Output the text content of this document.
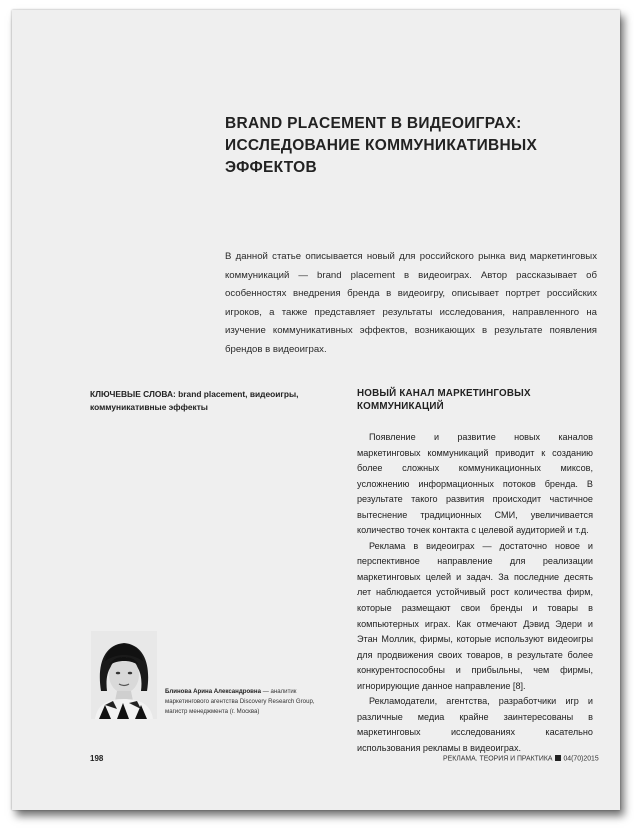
BRAND PLACEMENT В ВИДЕОИГРАХ:
ИССЛЕДОВАНИЕ КОММУНИКАТИВНЫХ
ЭФФЕКТОВ

В данной статье описывается новый для российского рынка вид маркетинговых коммуникаций — brand placement в видеоиграх. Автор рассказывает об особенностях внедрения бренда в видеоигру, описывает портрет российских игроков, а также представляет результаты исследования, направленного на изучение коммуникативных эффектов, возникающих в результате появления брендов в видеоиграх.

КЛЮЧЕВЫЕ СЛОВА: brand placement, видеоигры, коммуникативные эффекты
НОВЫЙ КАНАЛ МАРКЕТИНГОВЫХ
КОММУНИКАЦИЙ

Появление и развитие новых каналов маркетинговых коммуникаций приводит к созданию более сложных коммуникационных миксов, усложнению информационных потоков бренда. В результате такого развития происходит частичное вытеснение традиционных СМИ, увеличивается количество точек контакта с целевой аудиторией и т.д.

Реклама в видеоиграх — достаточно новое и перспективное направление для реализации маркетинговых целей и задач. За последние десять лет наблюдается устойчивый рост количества фирм, которые размещают свои бренды и товары в компьютерных играх. Как отмечают Дэвид Эдери и Этан Моллик, фирмы, которые используют видеоигры для продвижения своих товаров, в результате более конкурентоспособны и прибыльны, чем фирмы, игнорирующие данное направление [8].

Рекламодатели, агентства, разработчики игр и различные медиа крайне заинтересованы в маркетинговых исследованиях касательно использования рекламы в видеоиграх.

Блинова Арина Александровна — аналитик маркетингового агентства Discovery Research Group, магистр менеджмента (г. Москва)
198	РЕКЛАМА. ТЕОРИЯ И ПРАКТИКА 04(70)2015
